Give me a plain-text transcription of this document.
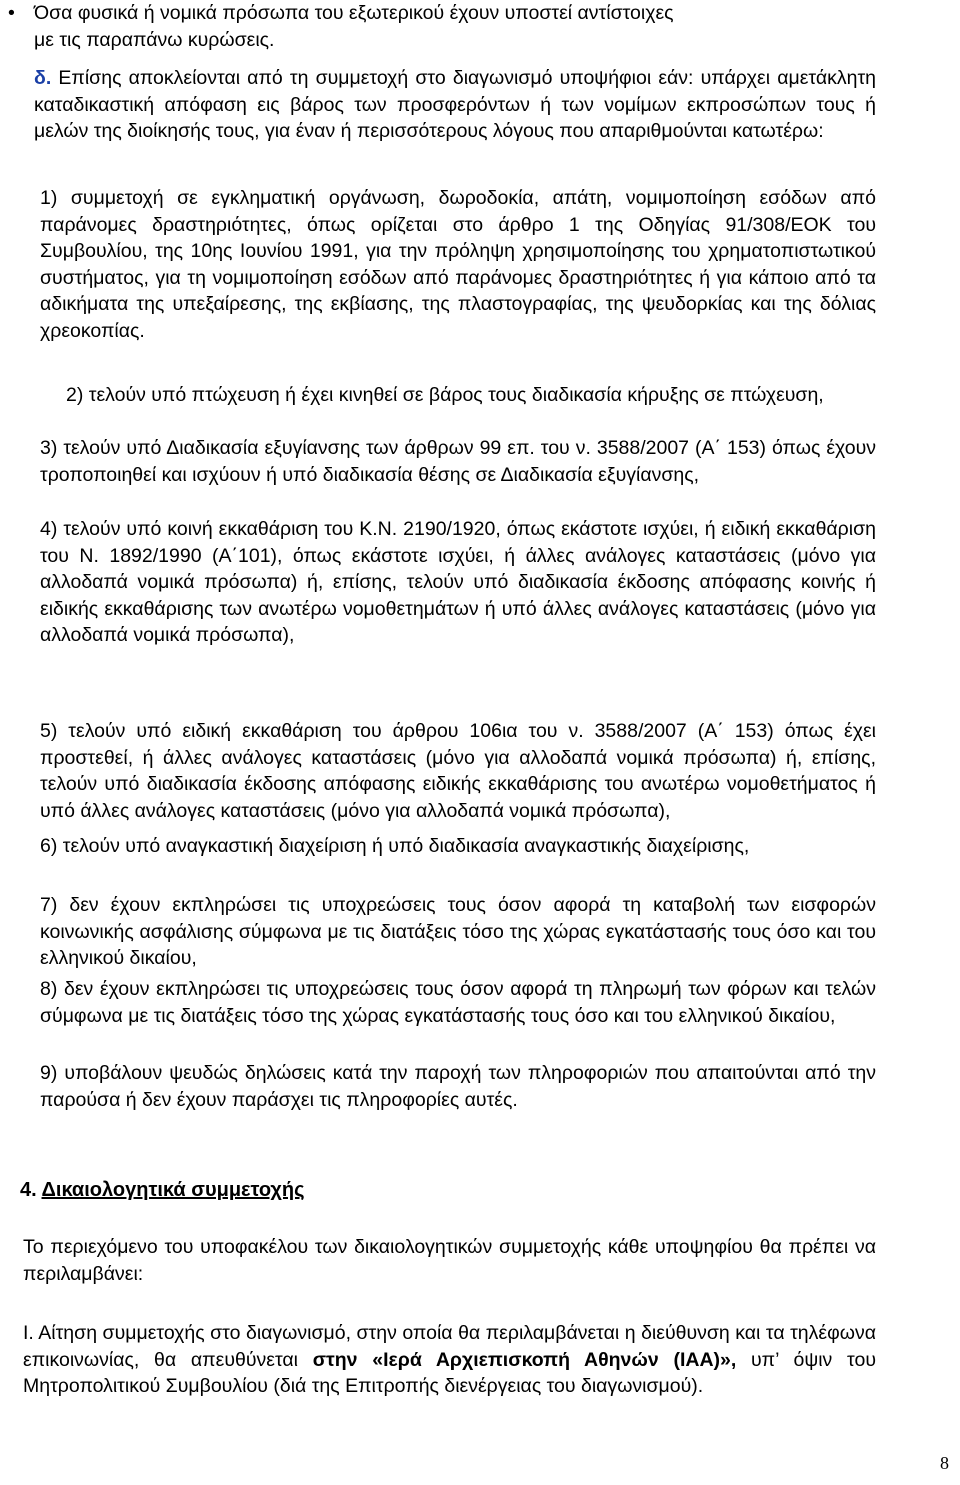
• Όσα φυσικά ή νομικά πρόσωπα του εξωτερικού έχουν υποστεί αντίστοιχες
με τις παραπάνω κυρώσεις.
δ. Επίσης αποκλείονται από τη συμμετοχή στο διαγωνισμό υποψήφιοι εάν: υπάρχει αμετάκλητη καταδικαστική απόφαση εις βάρος των προσφερόντων ή των νομίμων εκπροσώπων τους ή μελών της διοίκησής τους, για έναν ή περισσότερους λόγους που απαριθμούνται κατωτέρω:
1) συμμετοχή σε εγκληματική οργάνωση, δωροδοκία, απάτη, νομιμοποίηση εσόδων από παράνομες δραστηριότητες, όπως ορίζεται στο άρθρο 1 της Οδηγίας 91/308/ΕΟΚ του Συμβουλίου, της 10ης Ιουνίου 1991, για την πρόληψη χρησιμοποίησης του χρηματοπιστωτικού συστήματος, για τη νομιμοποίηση εσόδων από παράνομες δραστηριότητες ή για κάποιο από τα αδικήματα της υπεξαίρεσης, της εκβίασης, της πλαστογραφίας, της ψευδορκίας και της δόλιας χρεοκοπίας.
2) τελούν υπό πτώχευση ή έχει κινηθεί σε βάρος τους διαδικασία κήρυξης σε πτώχευση,
3) τελούν υπό Διαδικασία εξυγίανσης των άρθρων 99 επ. του ν. 3588/2007 (Α΄ 153) όπως έχουν τροποποιηθεί και ισχύουν ή υπό διαδικασία θέσης σε Διαδικασία εξυγίανσης,
4) τελούν υπό κοινή εκκαθάριση του Κ.Ν. 2190/1920, όπως εκάστοτε ισχύει, ή ειδική εκκαθάριση του Ν. 1892/1990 (Α΄101), όπως εκάστοτε ισχύει, ή άλλες ανάλογες καταστάσεις (μόνο για αλλοδαπά νομικά πρόσωπα) ή, επίσης, τελούν υπό διαδικασία έκδοσης απόφασης κοινής ή ειδικής εκκαθάρισης των ανωτέρω νομοθετημάτων ή υπό άλλες ανάλογες καταστάσεις (μόνο για αλλοδαπά νομικά πρόσωπα),
5) τελούν υπό ειδική εκκαθάριση του άρθρου 106ια του ν. 3588/2007 (Α΄ 153) όπως έχει προστεθεί, ή άλλες ανάλογες καταστάσεις (μόνο για αλλοδαπά νομικά πρόσωπα) ή, επίσης, τελούν υπό διαδικασία έκδοσης απόφασης ειδικής εκκαθάρισης του ανωτέρω νομοθετήματος ή υπό άλλες ανάλογες καταστάσεις (μόνο για αλλοδαπά νομικά πρόσωπα),
6) τελούν υπό αναγκαστική διαχείριση ή υπό διαδικασία αναγκαστικής διαχείρισης,
7) δεν έχουν εκπληρώσει τις υποχρεώσεις τους όσον αφορά τη καταβολή των εισφορών κοινωνικής ασφάλισης σύμφωνα με τις διατάξεις τόσο της χώρας εγκατάστασής τους όσο και του ελληνικού δικαίου,
8) δεν έχουν εκπληρώσει τις υποχρεώσεις τους όσον αφορά τη πληρωμή των φόρων και τελών σύμφωνα με τις διατάξεις τόσο της χώρας εγκατάστασής τους όσο και του ελληνικού δικαίου,
9) υποβάλουν ψευδώς δηλώσεις κατά την παροχή των πληροφοριών που απαιτούνται από την παρούσα ή δεν έχουν παράσχει τις πληροφορίες αυτές.
4. Δικαιολογητικά συμμετοχής
Το περιεχόμενο του υποφακέλου των δικαιολογητικών συμμετοχής κάθε υποψηφίου θα πρέπει να περιλαμβάνει:
Ι. Αίτηση συμμετοχής στο διαγωνισμό, στην οποία θα περιλαμβάνεται η διεύθυνση και τα τηλέφωνα επικοινωνίας, θα απευθύνεται στην «Ιερά Αρχιεπισκοπή Αθηνών (ΙΑΑ)», υπ’ όψιν του Μητροπολιτικού Συμβουλίου (διά της Επιτροπής διενέργειας του διαγωνισμού).
8
